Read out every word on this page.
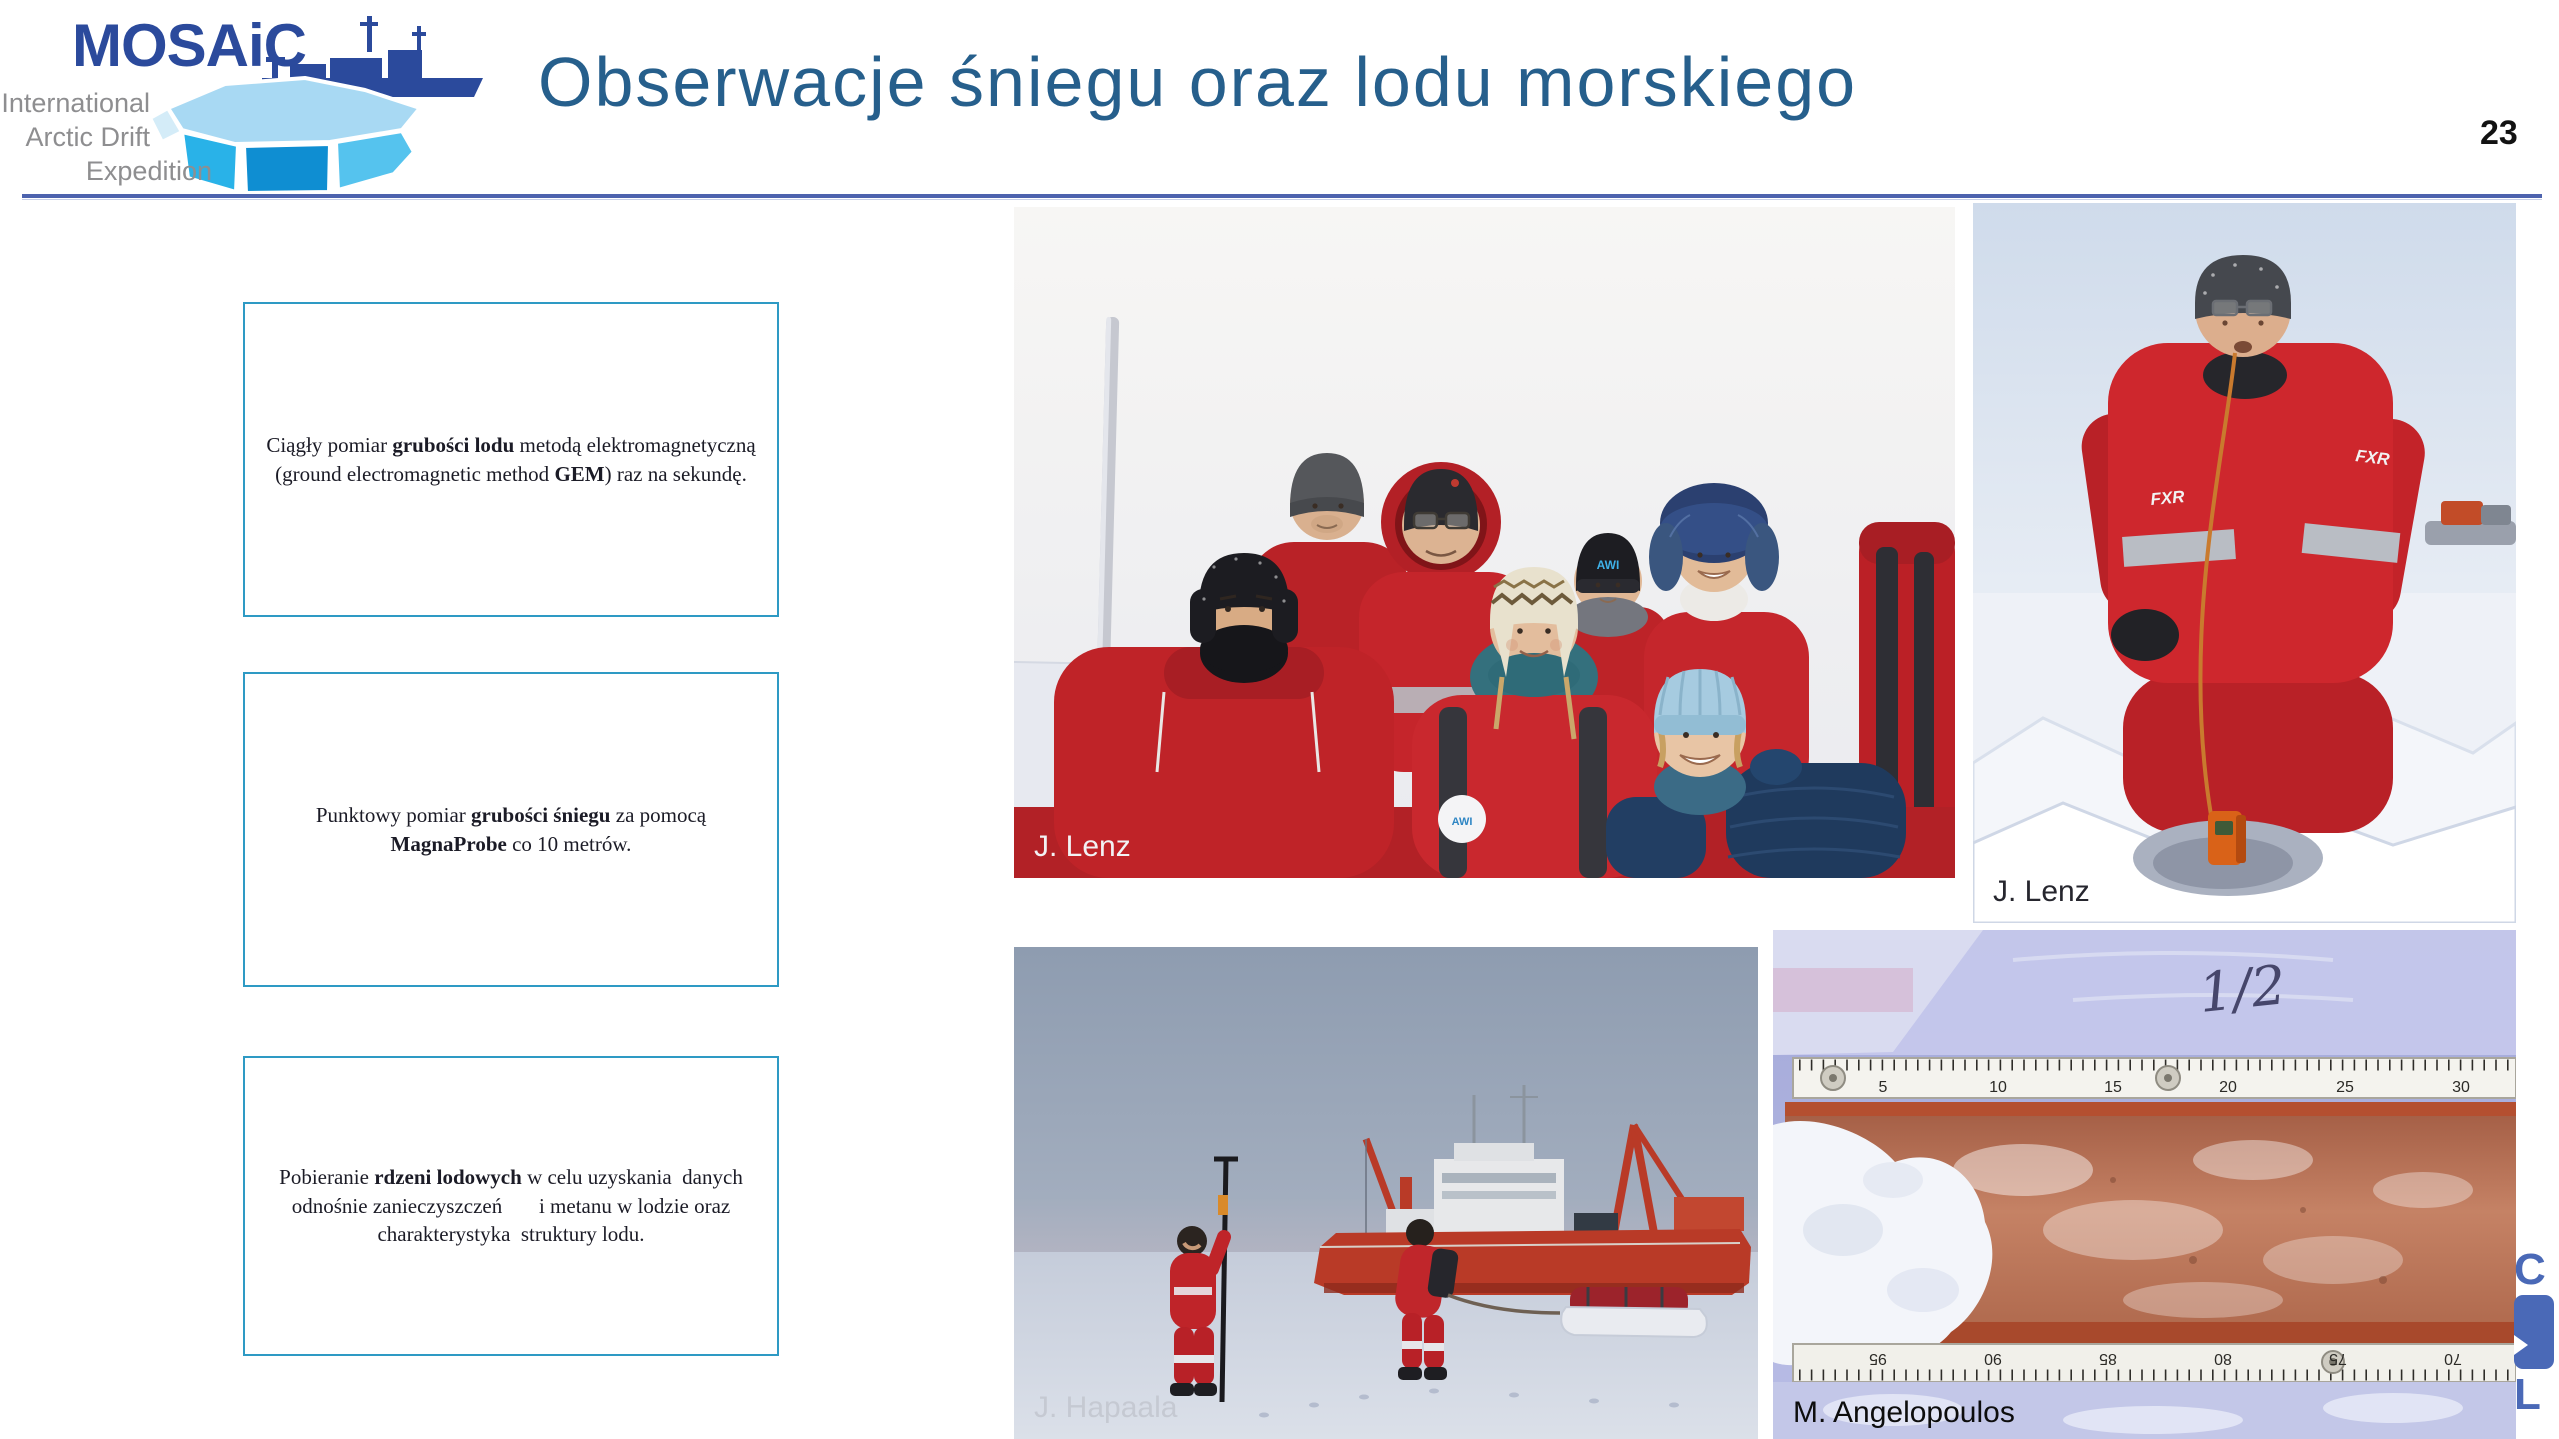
MOSAiC
International
Arctic Drift
Expedition
Obserwacje śniegu oraz lodu morskiego
23

Ciągły pomiar grubości lodu metodą elektromagnetyczną (ground electromagnetic method GEM) raz na sekundę.

Punktowy pomiar grubości śniegu za pomocą MagnaProbe co 10 metrów.

Pobieranie rdzeni lodowych w celu uzyskania  danych odnośnie zanieczyszczeń       i metanu w lodzie oraz charakterystyka  struktury lodu.

AWI
AWI
J. Lenz
FXR
FXR
J. Lenz
J. Hapaala
1/2
5	10	15	20	25	30
95	90	85	80	75	70
M. Angelopoulos
C
L
